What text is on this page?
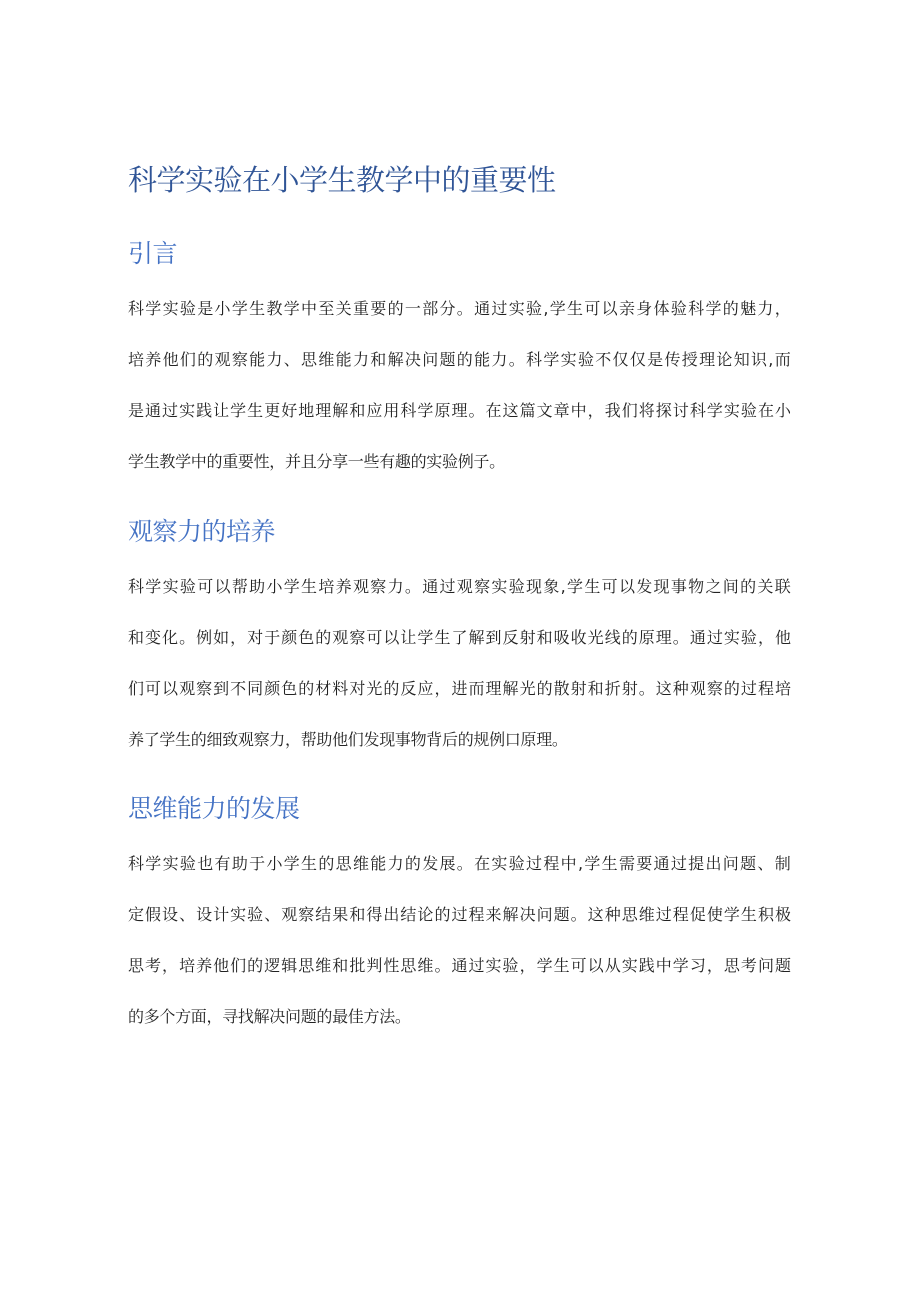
科学实验在小学生教学中的重要性
引言

科学实验是小学生教学中至关重要的一部分。通过实验,学生可以亲身体验科学的魅力，
培养他们的观察能力、思维能力和解决问题的能力。科学实验不仅仅是传授理论知识,而
是通过实践让学生更好地理解和应用科学原理。在这篇文章中，我们将探讨科学实验在小
学生教学中的重要性，并且分享一些有趣的实验例子。

观察力的培养

科学实验可以帮助小学生培养观察力。通过观察实验现象,学生可以发现事物之间的关联
和变化。例如，对于颜色的观察可以让学生了解到反射和吸收光线的原理。通过实验，他
们可以观察到不同颜色的材料对光的反应，进而理解光的散射和折射。这种观察的过程培
养了学生的细致观察力，帮助他们发现事物背后的规例口原理。

思维能力的发展

科学实验也有助于小学生的思维能力的发展。在实验过程中,学生需要通过提出问题、制
定假设、设计实验、观察结果和得出结论的过程来解决问题。这种思维过程促使学生积极
思考，培养他们的逻辑思维和批判性思维。通过实验，学生可以从实践中学习，思考问题
的多个方面，寻找解决问题的最佳方法。
